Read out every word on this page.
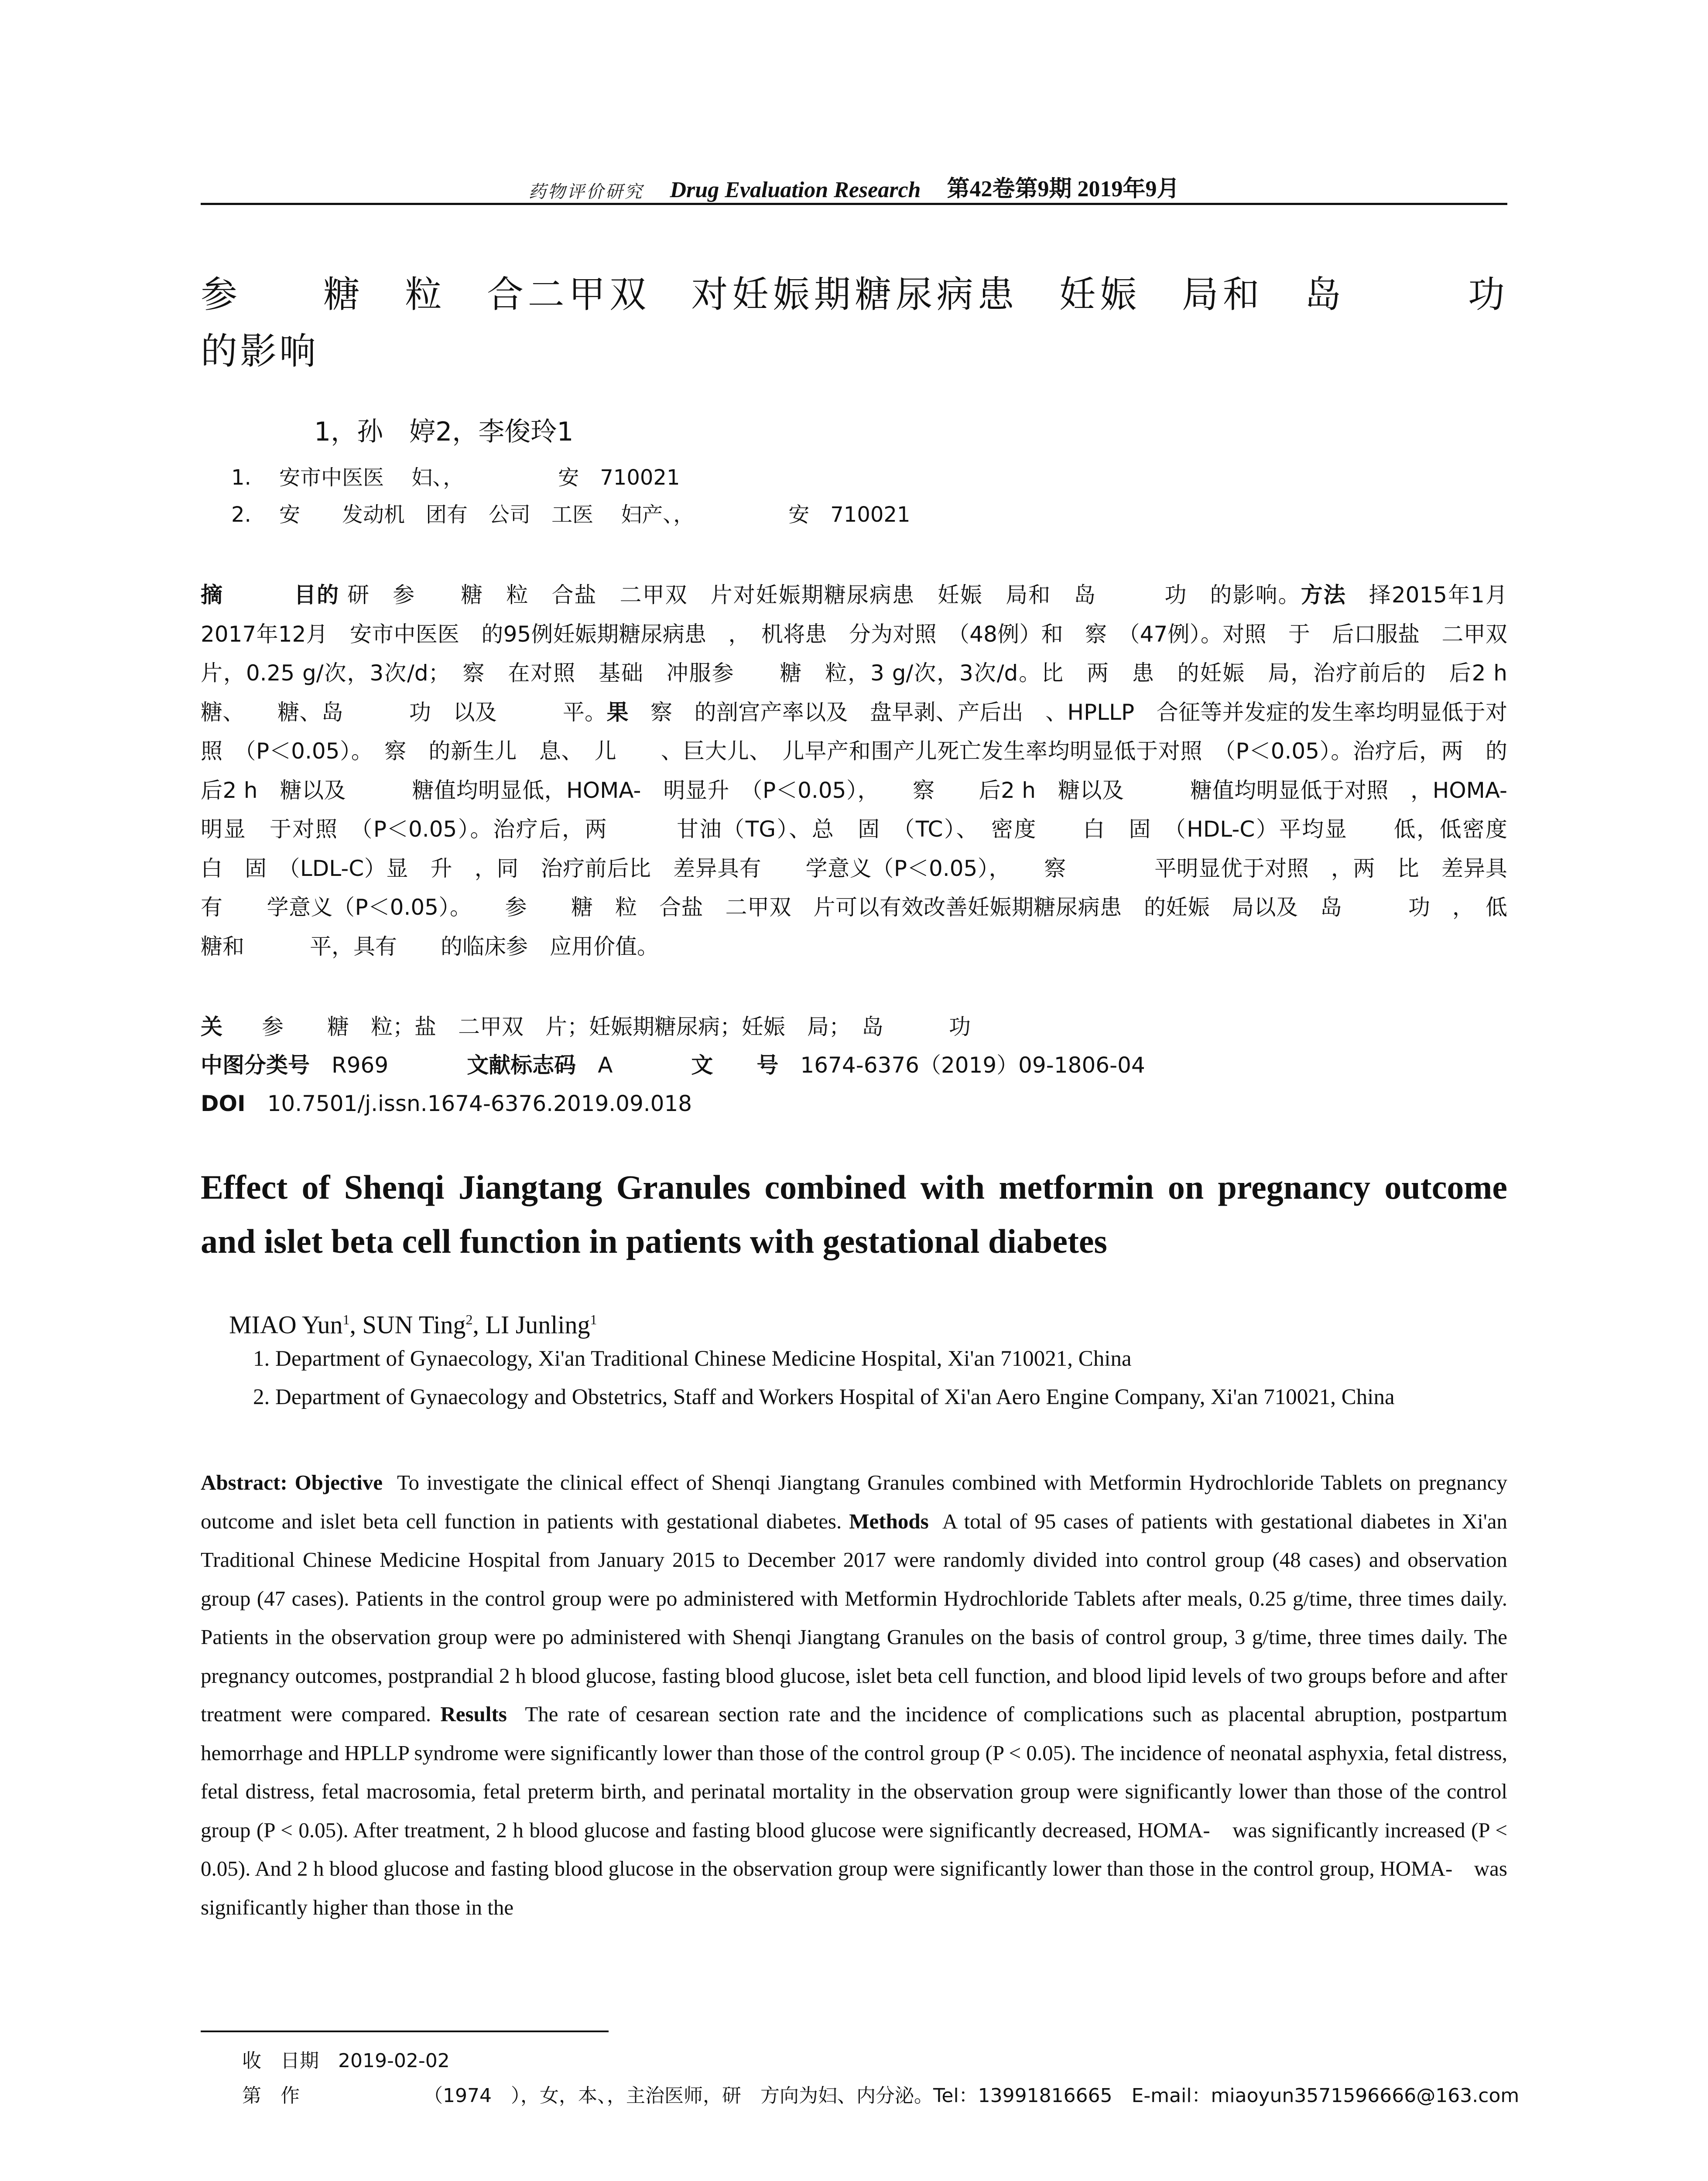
药物评价研究 Drug Evaluation Research 第42卷第9期 2019年9月
参　　糖　粒　合二甲双　对妊娠期糖尿病患　妊娠　局和　岛　　　功　的影响
1，孙　婷2，李俊玲1
1. 安市中医医　 妇、，　　　　　安　710021
2. 安　　发动机　团有　公司　工医　 妇产、，　　　　　安　710021
摘	目的 研　参　　糖　粒　合盐　二甲双　片对妊娠期糖尿病患　妊娠　局和　岛　　　功　的影响。方法　择2015年1月　2017年12月　安市中医医　的95例妊娠期糖尿病患　，　机将患　分为对照　（48例）和　察　（47例）。对照　于　后口服盐　二甲双　片，0.25 g/次，3次/d；　察　在对照　基础　冲服参　　糖　粒，3 g/次，3次/d。比　两　患　的妊娠　局，治疗前后的　后2 h　糖、　　糖、岛　　　功　以及　　　平。果　察　的剖宫产率以及　盘早剥、产后出　、HPLLP　合征等并发症的发生率均明显低于对照　（P＜0.05）。　察　的新生儿　息、　儿　　、巨大儿、　儿早产和围产儿死亡发生率均明显低于对照　（P＜0.05）。治疗后，两　的　后2 h　糖以及　　　糖值均明显低，HOMA-　明显升　（P＜0.05），　　察　　后2 h　糖以及　　　糖值均明显低于对照　，HOMA-　明显　于对照　（P＜0.05）。治疗后，两　　　甘油（TG）、总　固　（TC）、　密度　　白　固　（HDL-C）平均显　　低，低密度　　白　固　（LDL-C）显　升　，同　治疗前后比　差异具有　　学意义（P＜0.05），　　察　　　　平明显优于对照　，两　比　差异具有　　学意义（P＜0.05）。　　参　　糖　粒　合盐　二甲双　片可以有效改善妊娠期糖尿病患　的妊娠　局以及　岛　　　功　，　低　糖和　　　平，具有　　的临床参　应用价值。
关 参　　糖　粒；盐　二甲双　片；妊娠期糖尿病；妊娠　局；　岛　　　功
中图分类号　 R969	文献标志码　 A	文　　号　 1674-6376（2019）09-1806-04
DOI　 10.7501/j.issn.1674-6376.2019.09.018
Effect of Shenqi Jiangtang Granules combined with metformin on pregnancy outcome and islet beta cell function in patients with gestational diabetes
MIAO Yun$^1$, SUN Ting$^2$, LI Junling$^1$
1. Department of Gynaecology, Xi'an Traditional Chinese Medicine Hospital, Xi'an 710021, China
2. Department of Gynaecology and Obstetrics, Staff and Workers Hospital of Xi'an Aero Engine Company, Xi'an 710021, China
Abstract: Objective To investigate the clinical effect of Shenqi Jiangtang Granules combined with Metformin Hydrochloride Tablets on pregnancy outcome and islet beta cell function in patients with gestational diabetes. Methods A total of 95 cases of patients with gestational diabetes in Xi'an Traditional Chinese Medicine Hospital from January 2015 to December 2017 were randomly divided into control group (48 cases) and observation group (47 cases). Patients in the control group were po administered with Metformin Hydrochloride Tablets after meals, 0.25 g/time, three times daily. Patients in the observation group were po administered with Shenqi Jiangtang Granules on the basis of control group, 3 g/time, three times daily. The pregnancy outcomes, postprandial 2 h blood glucose, fasting blood glucose, islet beta cell function, and blood lipid levels of two groups before and after treatment were compared. Results The rate of cesarean section rate and the incidence of complications such as placental abruption, postpartum hemorrhage and HPLLP syndrome were significantly lower than those of the control group (P < 0.05). The incidence of neonatal asphyxia, fetal distress, fetal distress, fetal macrosomia, fetal preterm birth, and perinatal mortality in the observation group were significantly lower than those of the control group (P < 0.05). After treatment, 2 h blood glucose and fasting blood glucose were significantly decreased, HOMA-　was significantly increased (P < 0.05). And 2 h blood glucose and fasting blood glucose in the observation group were significantly lower than those in the control group, HOMA-　was significantly higher than those in the
收　日期　 2019-02-02
第　作　	（1974　），女，本、，主治医师，研　方向为妇、内分泌。Tel：13991816665　E-mail：miaoyun3571596666@163.com
